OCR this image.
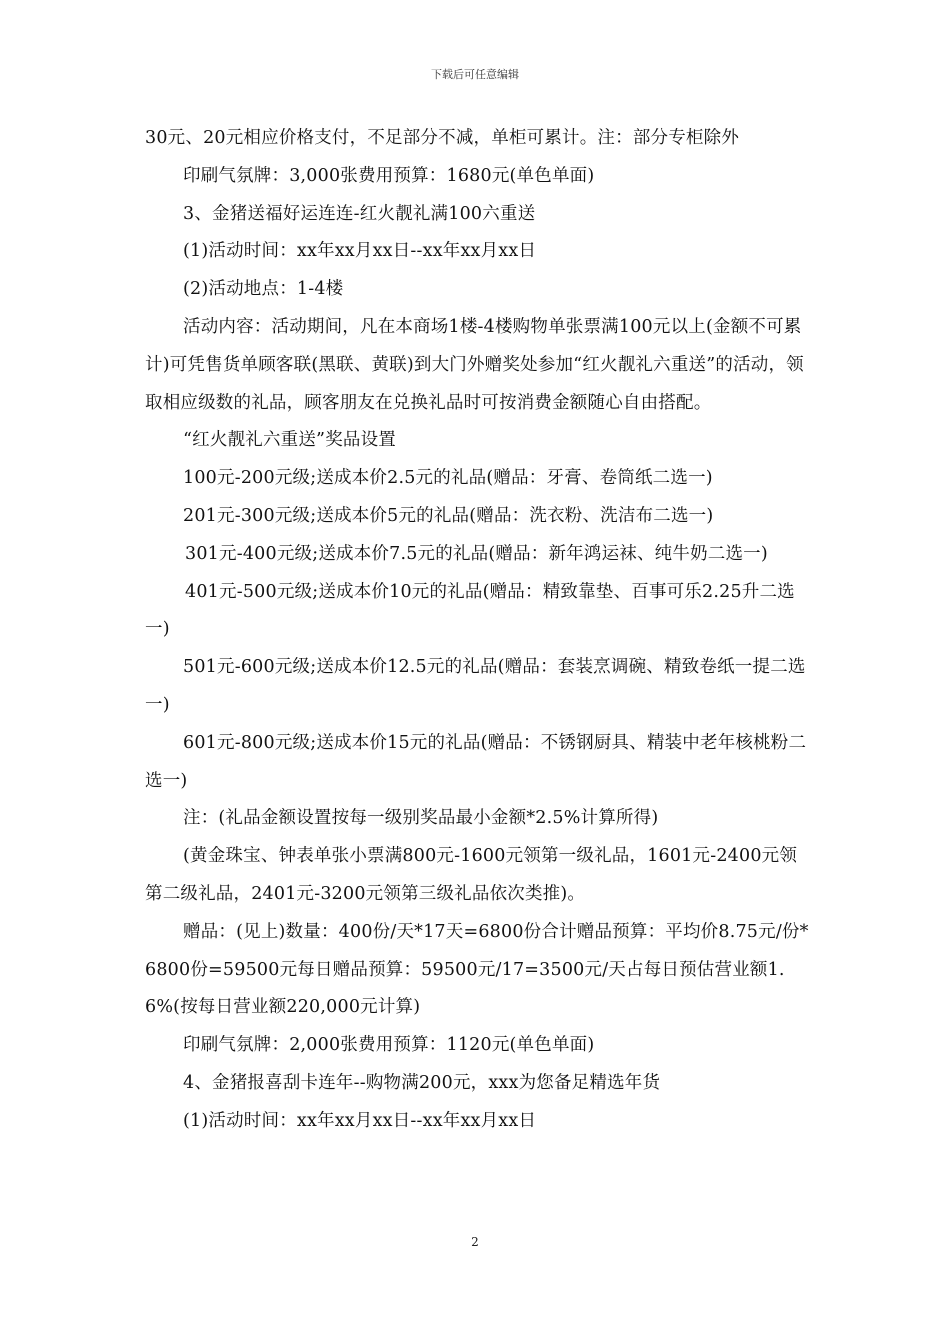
下载后可任意编辑

30元、20元相应价格支付，不足部分不减，单柜可累计。注：部分专柜除外

印刷气氛牌：3,000张费用预算：1680元(单色单面)

3、金猪送福好运连连-红火靓礼满100六重送

(1)活动时间：xx年xx月xx日--xx年xx月xx日

(2)活动地点：1-4楼

活动内容：活动期间，凡在本商场1楼-4楼购物单张票满100元以上(金额不可累计)可凭售货单顾客联(黑联、黄联)到大门外赠奖处参加“红火靓礼六重送”的活动，领取相应级数的礼品，顾客朋友在兑换礼品时可按消费金额随心自由搭配。

“红火靓礼六重送”奖品设置

100元-200元级;送成本价2.5元的礼品(赠品：牙膏、卷筒纸二选一)

201元-300元级;送成本价5元的礼品(赠品：洗衣粉、洗洁布二选一)

301元-400元级;送成本价7.5元的礼品(赠品：新年鸿运袜、纯牛奶二选一)

401元-500元级;送成本价10元的礼品(赠品：精致靠垫、百事可乐2.25升二选一)

501元-600元级;送成本价12.5元的礼品(赠品：套装烹调碗、精致卷纸一提二选一)

601元-800元级;送成本价15元的礼品(赠品：不锈钢厨具、精装中老年核桃粉二选一)

注：(礼品金额设置按每一级别奖品最小金额*2.5%计算所得)

(黄金珠宝、钟表单张小票满800元-1600元领第一级礼品，1601元-2400元领第二级礼品，2401元-3200元领第三级礼品依次类推)。

赠品：(见上)数量：400份/天*17天=6800份合计赠品预算：平均价8.75元/份*6800份=59500元每日赠品预算：59500元/17=3500元/天占每日预估营业额1.6%(按每日营业额220,000元计算)

印刷气氛牌：2,000张费用预算：1120元(单色单面)

4、金猪报喜刮卡连年--购物满200元，xxx为您备足精选年货

(1)活动时间：xx年xx月xx日--xx年xx月xx日

2
